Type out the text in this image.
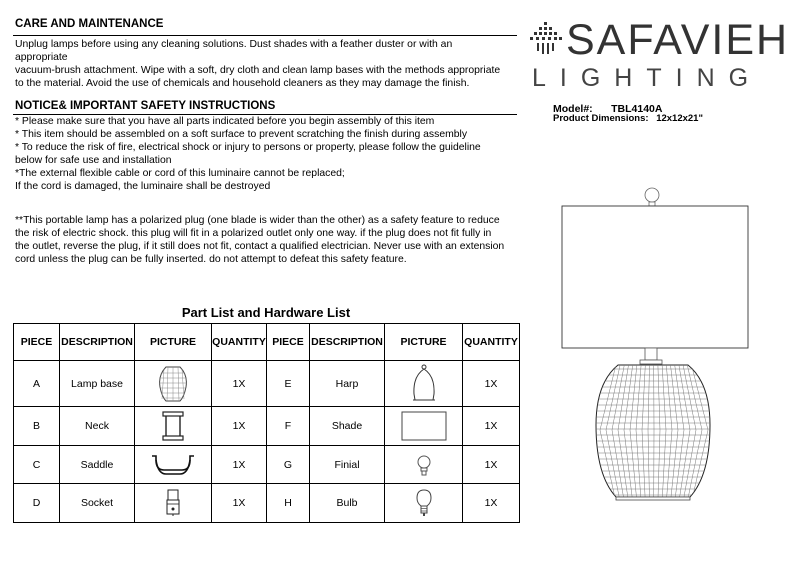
CARE AND MAINTENANCE
Unplug lamps before using any cleaning solutions. Dust shades with a feather duster or with an
appropriate
vacuum-brush attachment. Wipe with a soft, dry cloth and clean lamp bases with the methods appropriate
to the material. Avoid the use of chemicals and household cleaners as they may damage the finish.
NOTICE& IMPORTANT SAFETY INSTRUCTIONS
* Please make sure that you have all parts indicated before you begin assembly of this item
* This item should be assembled on a soft surface to prevent scratching the finish during assembly
* To reduce the risk of fire, electrical shock or injury to persons or property, please follow the guideline
below for safe use and installation
*The external flexible cable or cord of this luminaire cannot be replaced;
If the cord is damaged, the luminaire shall be destroyed
**This portable lamp has a polarized plug (one blade is wider than the other) as a safety feature to reduce
the risk of electric shock. this plug will fit in a polarized outlet only one way. if the plug does not fit fully in
the outlet, reverse the plug, if it still does not fit, contact a qualified electrician. Never use with an extension
cord unless the plug can be fully inserted. do not attempt to defeat this safety feature.
SAFAVIEH
LIGHTING
Model#: TBL4140A
Product Dimensions: 12x12x21"
Part List and Hardware List
PIECE	DESCRIPTION	PICTURE	QUANTITY	PIECE	DESCRIPTION	PICTURE	QUANTITY
A	Lamp base		1X	E	Harp		1X
B	Neck		1X	F	Shade		1X
C	Saddle		1X	G	Finial		1X
D	Socket		1X	H	Bulb		1X
